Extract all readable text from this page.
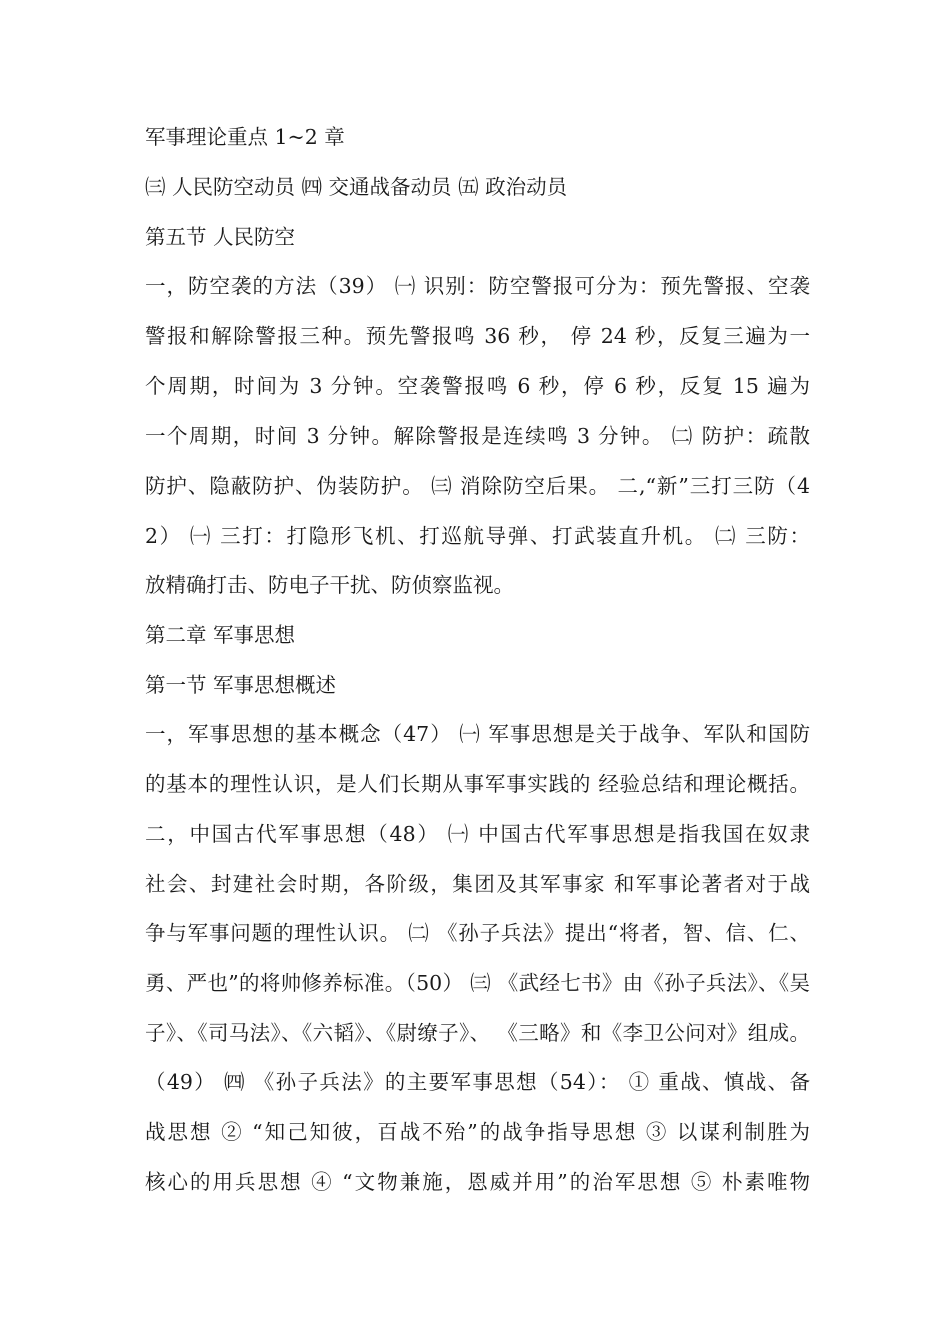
军事理论重点 1~2 章
㈢ 人民防空动员 ㈣ 交通战备动员 ㈤ 政治动员
第五节 人民防空
一，防空袭的方法（39） ㈠ 识别：防空警报可分为：预先警报、空袭
警报和解除警报三种。预先警报鸣 36 秒， 停 24 秒，反复三遍为一
个周期，时间为 3 分钟。空袭警报鸣 6 秒，停 6 秒，反复 15 遍为
一个周期，时间 3 分钟。解除警报是连续鸣 3 分钟。 ㈡ 防护：疏散
防护、隐蔽防护、伪装防护。 ㈢ 消除防空后果。 二,“新”三打三防（4
2） ㈠ 三打：打隐形飞机、打巡航导弹、打武装直升机。 ㈡ 三防：
放精确打击、防电子干扰、防侦察监视。
第二章 军事思想
第一节 军事思想概述
一，军事思想的基本概念（47） ㈠ 军事思想是关于战争、军队和国防
的基本的理性认识，是人们长期从事军事实践的 经验总结和理论概括。
二，中国古代军事思想（48） ㈠ 中国古代军事思想是指我国在奴隶
社会、封建社会时期，各阶级，集团及其军事家 和军事论著者对于战
争与军事问题的理性认识。 ㈡ 《孙子兵法》提出“将者，智、信、仁、
勇、严也”的将帅修养标准。（50） ㈢ 《武经七书》由《孙子兵法》、《吴
子》、《司马法》、《六韬》、《尉缭子》、 《三略》和《李卫公问对》组成。
（49） ㈣ 《孙子兵法》的主要军事思想（54）： ① 重战、慎战、备
战思想 ② “知己知彼，百战不殆”的战争指导思想 ③ 以谋利制胜为
核心的用兵思想 ④ “文物兼施，恩威并用”的治军思想 ⑤ 朴素唯物
